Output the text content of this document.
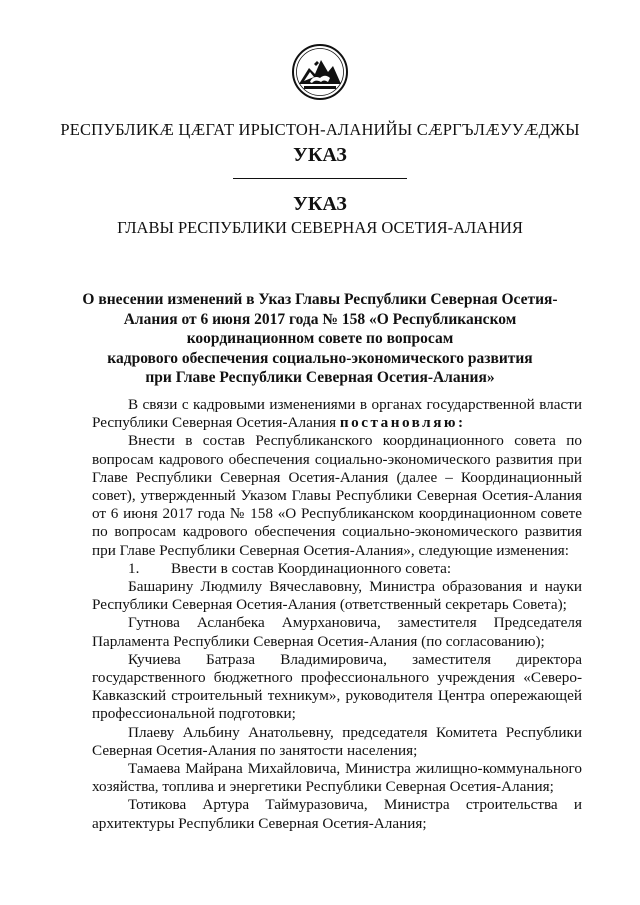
РЕСПУБЛИКӔ ЦӔГАТ ИРЫСТОН-АЛАНИЙЫ СӔРГЪЛӔУУӔДЖЫ
УКАЗ
УКАЗ
ГЛАВЫ РЕСПУБЛИКИ СЕВЕРНАЯ ОСЕТИЯ-АЛАНИЯ
О внесении изменений в Указ Главы Республики Северная Осетия-
Алания от 6 июня 2017 года № 158 «О Республиканском
координационном совете по вопросам
кадрового обеспечения социально-экономического развития
при Главе Республики Северная Осетия-Алания»

В связи с кадровыми изменениями в органах государственной власти Республики Северная Осетия-Алания постановляю:

Внести в состав Республиканского координационного совета по вопросам кадрового обеспечения социально-экономического развития при Главе Республики Северная Осетия-Алания (далее – Координационный совет), утвержденный Указом Главы Республики Северная Осетия-Алания от 6 июня 2017 года № 158 «О Республиканском координационном совете по вопросам кадрового обеспечения социально-экономического развития при Главе Республики Северная Осетия-Алания», следующие изменения:

1.	Ввести в состав Координационного совета:

Башарину Людмилу Вячеславовну, Министра образования и науки Республики Северная Осетия-Алания (ответственный секретарь Совета);

Гутнова Асланбека Амурхановича, заместителя Председателя Парламента Республики Северная Осетия-Алания (по согласованию);

Кучиева Батраза Владимировича, заместителя директора государственного бюджетного профессионального учреждения «Северо-Кавказский строительный техникум», руководителя Центра опережающей профессиональной подготовки;

Плаеву Альбину Анатольевну, председателя Комитета Республики Северная Осетия-Алания по занятости населения;

Тамаева Майрана Михайловича, Министра жилищно-коммунального хозяйства, топлива и энергетики Республики Северная Осетия-Алания;

Тотикова Артура Таймуразовича, Министра строительства и архитектуры Республики Северная Осетия-Алания;
